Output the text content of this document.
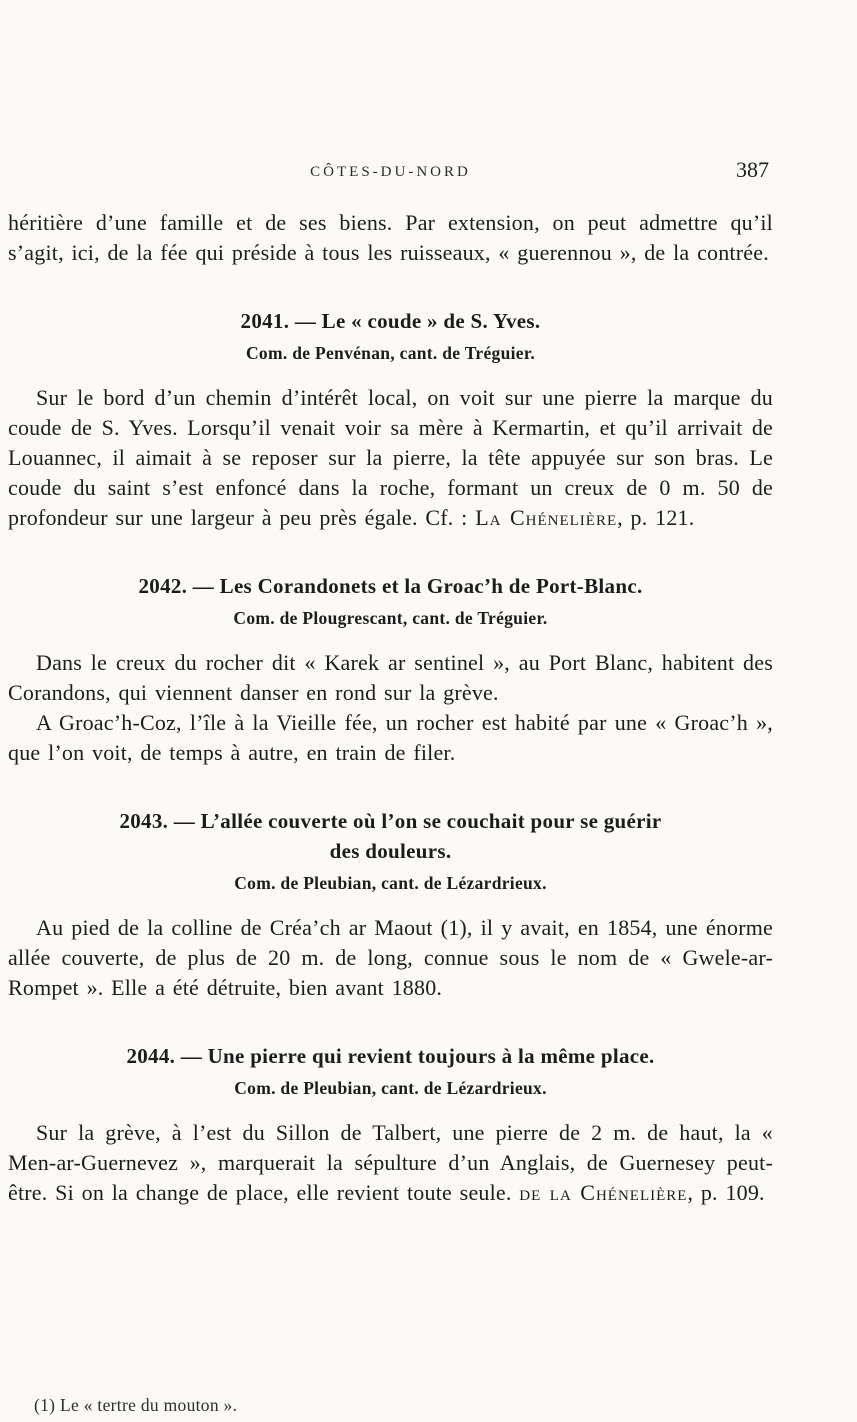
CÔTES-DU-NORD	387

héritière d’une famille et de ses biens. Par extension, on peut admettre qu’il s’agit, ici, de la fée qui préside à tous les ruisseaux, « guerennou », de la contrée.

2041. — Le « coude » de S. Yves.
Com. de Penvénan, cant. de Tréguier.

Sur le bord d’un chemin d’intérêt local, on voit sur une pierre la marque du coude de S. Yves. Lorsqu’il venait voir sa mère à Kermartin, et qu’il arrivait de Louannec, il aimait à se reposer sur la pierre, la tête appuyée sur son bras. Le coude du saint s’est enfoncé dans la roche, formant un creux de 0 m. 50 de profondeur sur une largeur à peu près égale. Cf. : La Chénelière, p. 121.

2042. — Les Corandonets et la Groac’h de Port-Blanc.
Com. de Plougrescant, cant. de Tréguier.

Dans le creux du rocher dit « Karek ar sentinel », au Port Blanc, habitent des Corandons, qui viennent danser en rond sur la grève.

A Groac’h-Coz, l’île à la Vieille fée, un rocher est habité par une « Groac’h », que l’on voit, de temps à autre, en train de filer.

2043. — L’allée couverte où l’on se couchait pour se guérir
des douleurs.
Com. de Pleubian, cant. de Lézardrieux.

Au pied de la colline de Créa’ch ar Maout (1), il y avait, en 1854, une énorme allée couverte, de plus de 20 m. de long, connue sous le nom de « Gwele-ar-Rompet ». Elle a été détruite, bien avant 1880.

2044. — Une pierre qui revient toujours à la même place.
Com. de Pleubian, cant. de Lézardrieux.

Sur la grève, à l’est du Sillon de Talbert, une pierre de 2 m. de haut, la « Men-ar-Guernevez », marquerait la sépulture d’un Anglais, de Guernesey peut-être. Si on la change de place, elle revient toute seule. de la Chénelière, p. 109.

(1) Le « tertre du mouton ».
